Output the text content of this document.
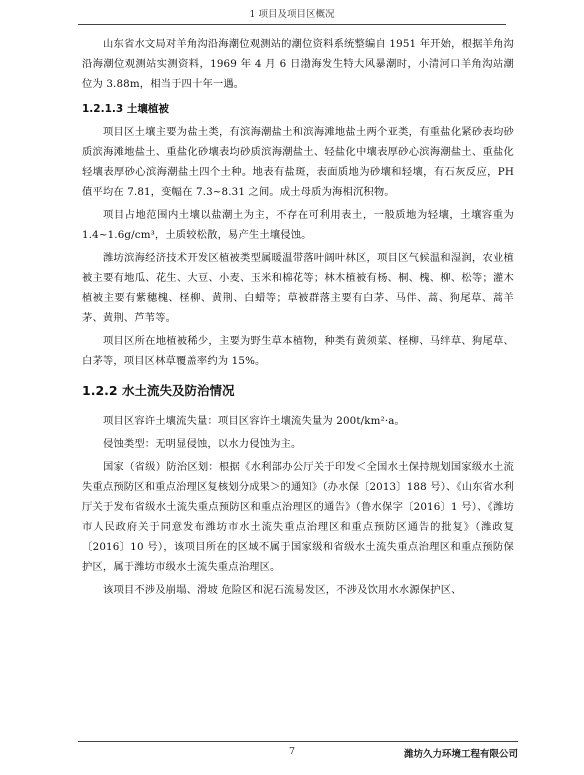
1 项目及项目区概况

山东省水文局对羊角沟沿海潮位观测站的潮位资料系统整编自 1951 年开始，根据羊角沟沿海潮位观测站实测资料，1969 年 4 月 6 日渤海发生特大风暴潮时，小清河口羊角沟站潮位为 3.88m，相当于四十年一遇。

1.2.1.3 土壤植被

项目区土壤主要为盐土类，有滨海潮盐土和滨海滩地盐土两个亚类，有重盐化紧砂表均砂质滨海滩地盐土、重盐化砂壤表均砂质滨海潮盐土、轻盐化中壤表厚砂心滨海潮盐土、重盐化轻壤表厚砂心滨海潮盐土四个土种。地表有盐斑，表面质地为砂壤和轻壤，有石灰反应，PH 值平均在 7.81，变幅在 7.3~8.31 之间。成土母质为海相沉积物。

项目占地范围内土壤以盐潮土为主，不存在可利用表土，一般质地为轻壤，土壤容重为 1.4~1.6g/cm³，土质较松散，易产生土壤侵蚀。

潍坊滨海经济技术开发区植被类型属暖温带落叶阔叶林区，项目区气候温和湿润，农业植被主要有地瓜、花生、大豆、小麦、玉米和棉花等；林木植被有杨、桐、槐、柳、松等；灌木植被主要有紫穗槐、柽柳、黄荆、白蜡等；草被群落主要有白茅、马伴、蒿、狗尾草、蒿羊茅、黄荆、芦苇等。

项目区所在地植被稀少，主要为野生草本植物，种类有黄须菜、柽柳、马绊草、狗尾草、白茅等，项目区林草覆盖率约为 15%。

1.2.2 水土流失及防治情况

项目区容许土壤流失量：项目区容许土壤流失量为 200t/km²·a。

侵蚀类型：无明显侵蚀，以水力侵蚀为主。

国家（省级）防治区划：根据《水利部办公厅关于印发＜全国水土保持规划国家级水土流失重点预防区和重点治理区复核划分成果＞的通知》（办水保〔2013〕188 号）、《山东省水利厅关于发布省级水土流失重点预防区和重点治理区的通告》（鲁水保字〔2016〕1 号）、《潍坊市人民政府关于同意发布潍坊市水土流失重点治理区和重点预防区通告的批复》（潍政复〔2016〕10 号），该项目所在的区域不属于国家级和省级水土流失重点治理区和重点预防保护区，属于潍坊市级水土流失重点治理区。

该项目不涉及崩塌、滑坡 危险区和泥石流易发区，不涉及饮用水水源保护区、

7	潍坊久力环境工程有限公司
